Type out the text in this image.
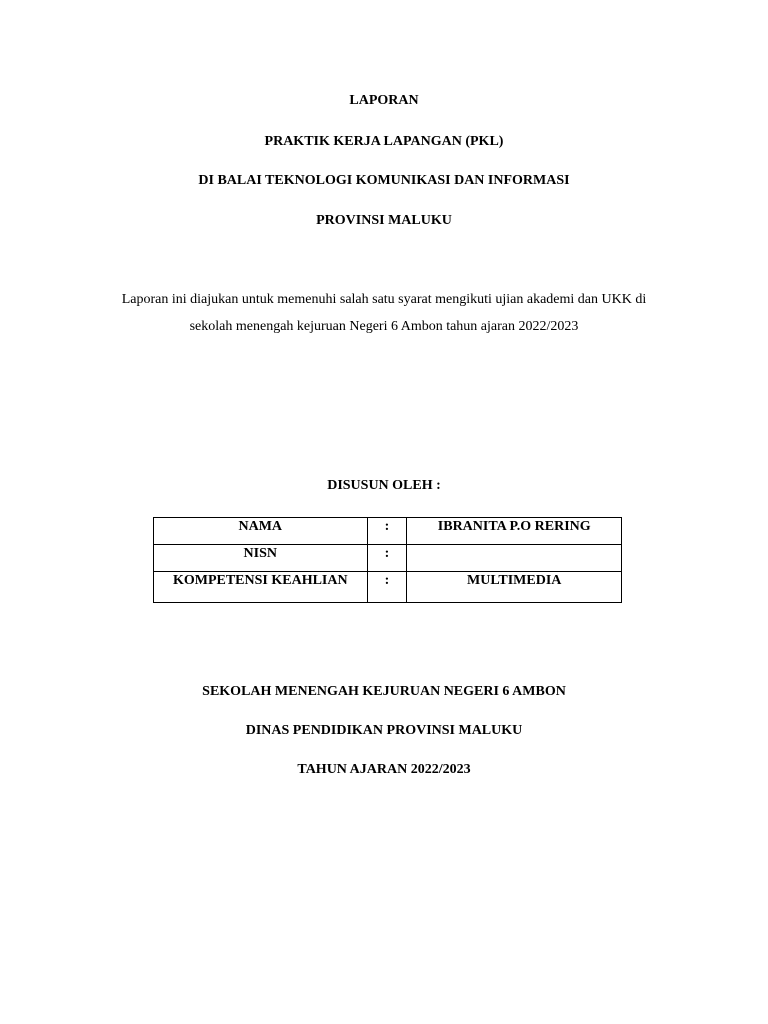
LAPORAN
PRAKTIK KERJA LAPANGAN (PKL)
DI BALAI TEKNOLOGI KOMUNIKASI DAN INFORMASI
PROVINSI MALUKU
Laporan ini diajukan untuk memenuhi salah satu syarat mengikuti ujian akademi dan UKK di
sekolah menengah kejuruan Negeri 6 Ambon tahun ajaran 2022/2023
DISUSUN OLEH :
NAMA	:	IBRANITA P.O RERING
NISN	:	
KOMPETENSI KEAHLIAN	:	MULTIMEDIA
SEKOLAH MENENGAH KEJURUAN NEGERI 6 AMBON
DINAS PENDIDIKAN PROVINSI MALUKU
TAHUN AJARAN 2022/2023
